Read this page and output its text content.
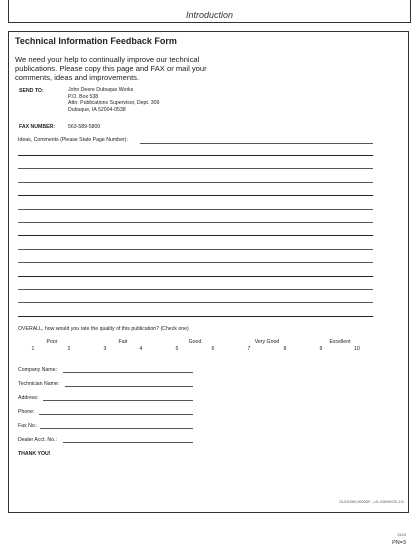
Introduction
Technical Information Feedback Form
We need your help to continually improve our technical publications. Please copy this page and FAX or mail your comments, ideas and improvements.
SEND TO:	John Deere Dubuque Works
P.O. Box 538
Attn: Publications Supervisor, Dept. 309
Dubuque, IA 52004-0538
FAX NUMBER: 563-589-5800
Ideas, Comments (Please State Page Number):
OVERALL, how would you rate the quality of this publication? (Check one)
Poor	Fair	Good	Very Good	Excellent
1	2	3	4	5	6	7	8	9	10
Company Name:
Technician Name:
Address:
Phone:
Fax No.:
Dealer Acct. No.:
THANK YOU!
OUO1060,0000DF –19–02MAY03–1/1
3/1/03
PN=3
